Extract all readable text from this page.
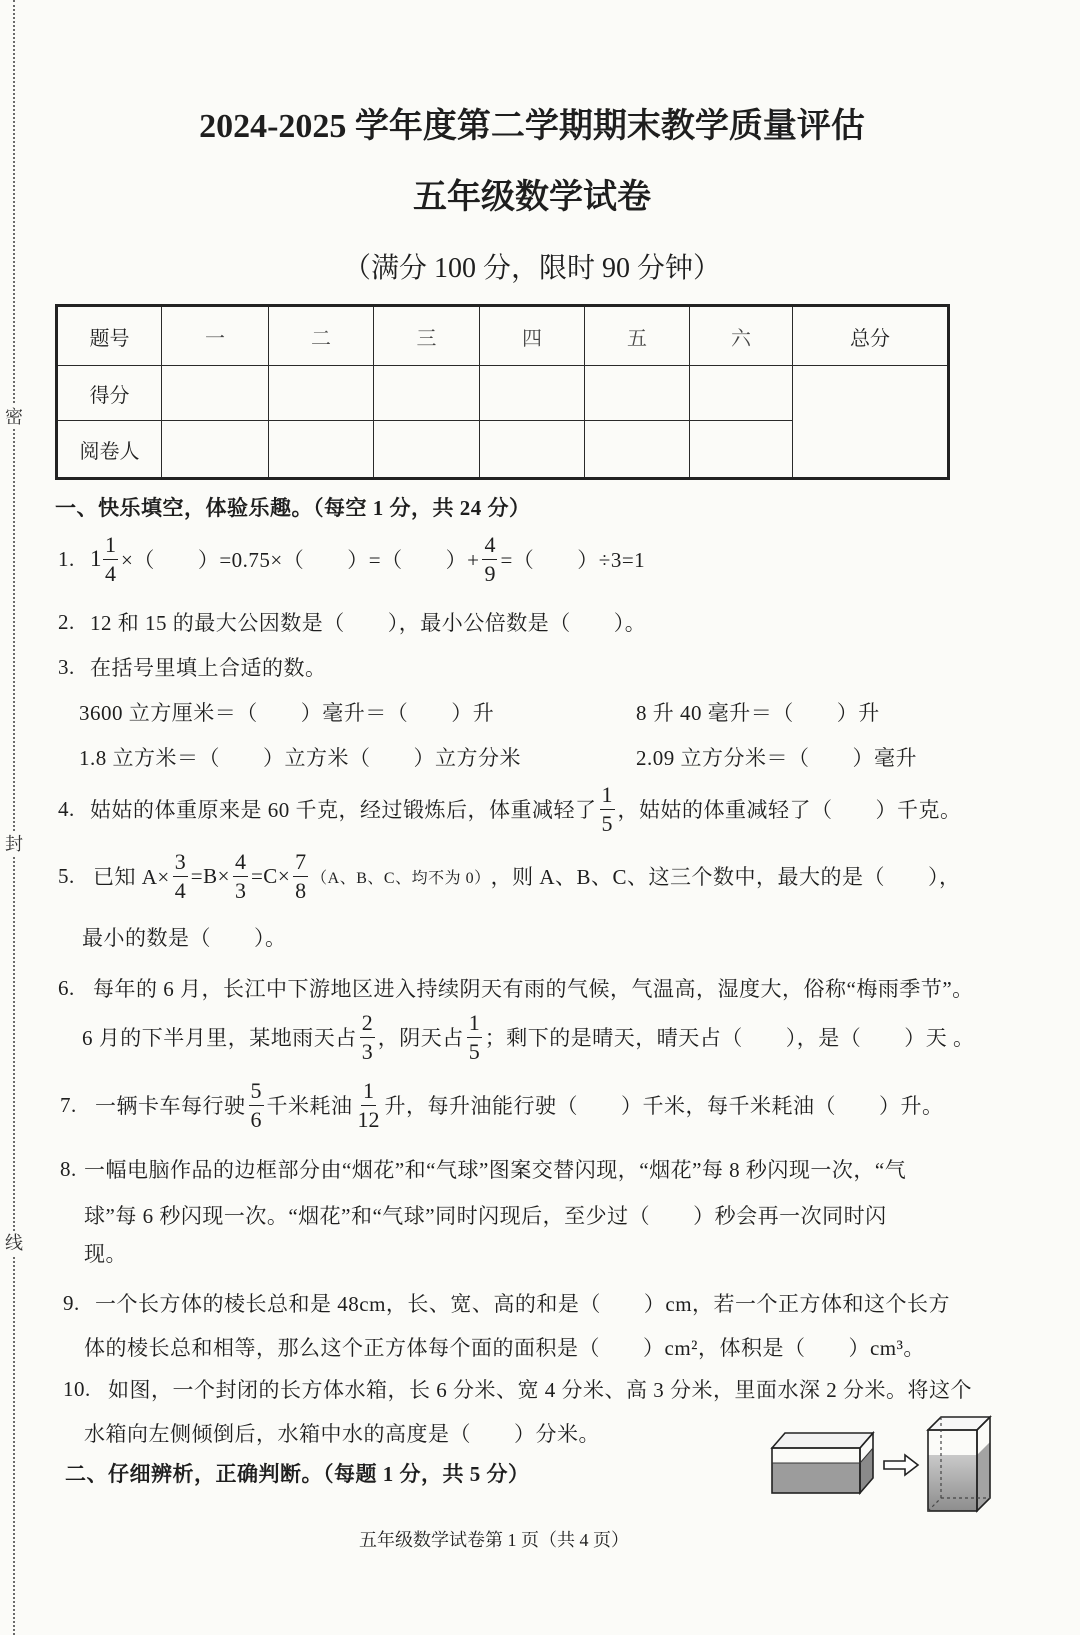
密
封
线
2024-2025 学年度第二学期期末教学质量评估
五年级数学试卷
（满分 100 分，限时 90 分钟）
题号	一	二	三	四	五	六	总分
得分							
阅卷人							
一、快乐填空，体验乐趣。（每空 1 分，共 24 分）
1. $1 \frac{1}{4}$ ×（　　）=0.75×（　　）=（　　）+ $\frac{4}{9}$ =（　　）÷3=1
2. 12 和 15 的最大公因数是（　　），最小公倍数是（　　）。
3. 在括号里填上合适的数。
3600 立方厘米＝（　　）毫升＝（　　）升	8 升 40 毫升＝（　　）升
1.8 立方米＝（　　）立方米（　　）立方分米	2.09 立方分米＝（　　）毫升
4. 姑姑的体重原来是 60 千克，经过锻炼后，体重减轻了 $\frac{1}{5}$ ，姑姑的体重减轻了（　　）千克。
5. 已知 $A\times \frac{3}{4} =B\times \frac{4}{3} =C\times \frac{7}{8} (A$、B、C、均不为 0） ，则 A、B、C、这三个数中，最大的是（　　），
最小的数是（　　）。
6. 每年的 6 月，长江中下游地区进入持续阴天有雨的气候，气温高，湿度大，俗称“梅雨季节”。
6 月的下半月里，某地雨天占 $\frac{2}{3}$ ，阴天占 $\frac{1}{5}$ ；剩下的是晴天，晴天占（　　），是（　　）天 。
7. 一辆卡车每行驶 $\frac{5}{6}$ 千米耗油 $\frac{1}{12}$ 升，每升油能行驶（　　）千米，每千米耗油（　　）升。
8. 一幅电脑作品的边框部分由“烟花”和“气球”图案交替闪现，“烟花”每 8 秒闪现一次，“气
球”每 6 秒闪现一次。“烟花”和“气球”同时闪现后，至少过（　　）秒会再一次同时闪
现。
9. 一个长方体的棱长总和是 48cm，长、宽、高的和是（　　）cm，若一个正方体和这个长方
体的棱长总和相等，那么这个正方体每个面的面积是（　　）cm²，体积是（　　）cm³。
10. 如图，一个封闭的长方体水箱，长 6 分米、宽 4 分米、高 3 分米，里面水深 2 分米。将这个
水箱向左侧倾倒后，水箱中水的高度是（　　）分米。
二、仔细辨析，正确判断。（每题 1 分，共 5 分）
五年级数学试卷第 1 页（共 4 页）
